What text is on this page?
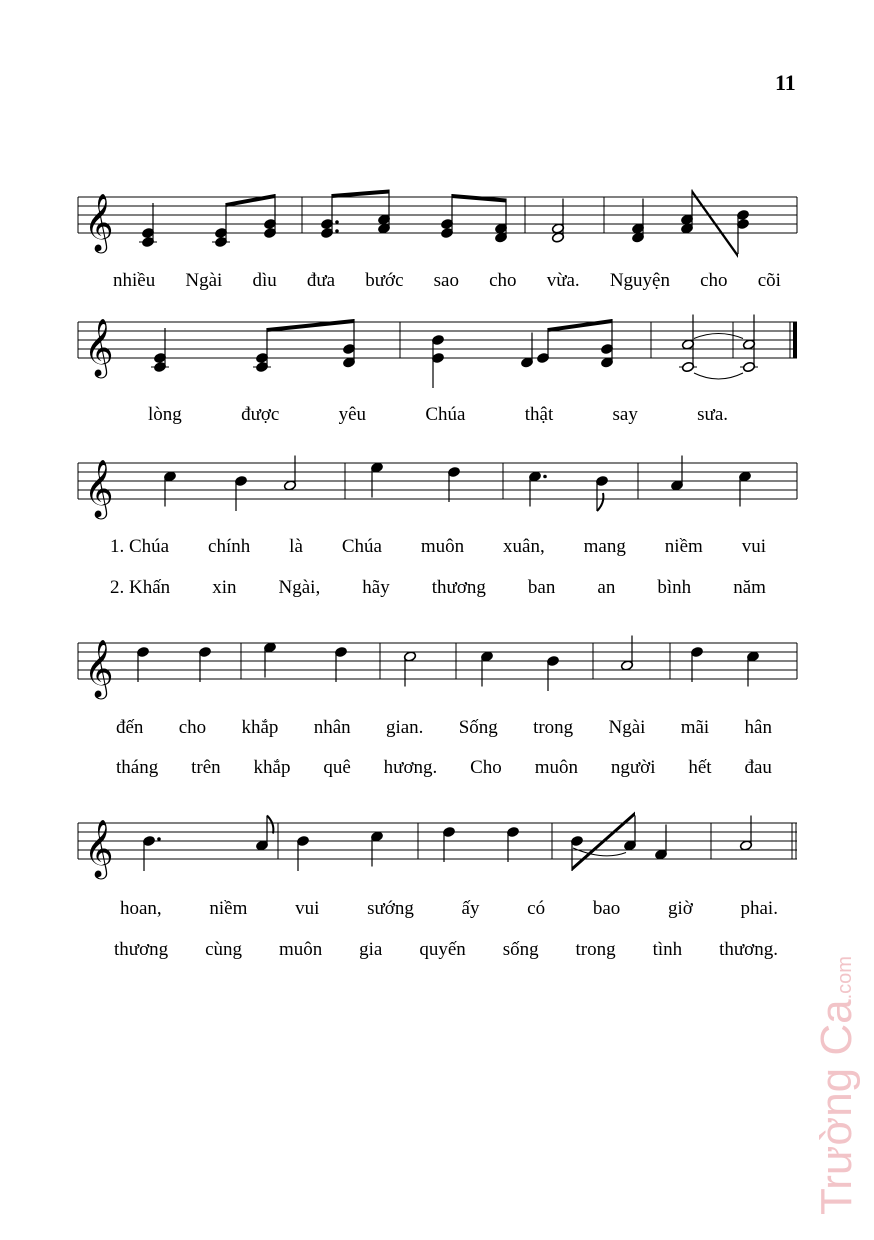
11
𝄞
𝄞
𝄞
𝄞
𝄞
nhiều Ngài dìu đưa bước sao cho vừa. Nguyện cho cõi
lòng	được	yêu	Chúa	thật	say	sưa.
1. Chúa chính là Chúa muôn xuân, mang niềm vui
2. Khấn xin Ngài, hãy thương ban an bình năm
đến cho khắp nhân gian. Sống trong Ngài mãi hân
tháng trên khắp quê hương. Cho muôn người hết đau
hoan,	niềm	vui	sướng	ấy	có	bao	giờ	phai.
thương cùng muôn gia quyến sống trong tình thương.
Trường Ca.com
